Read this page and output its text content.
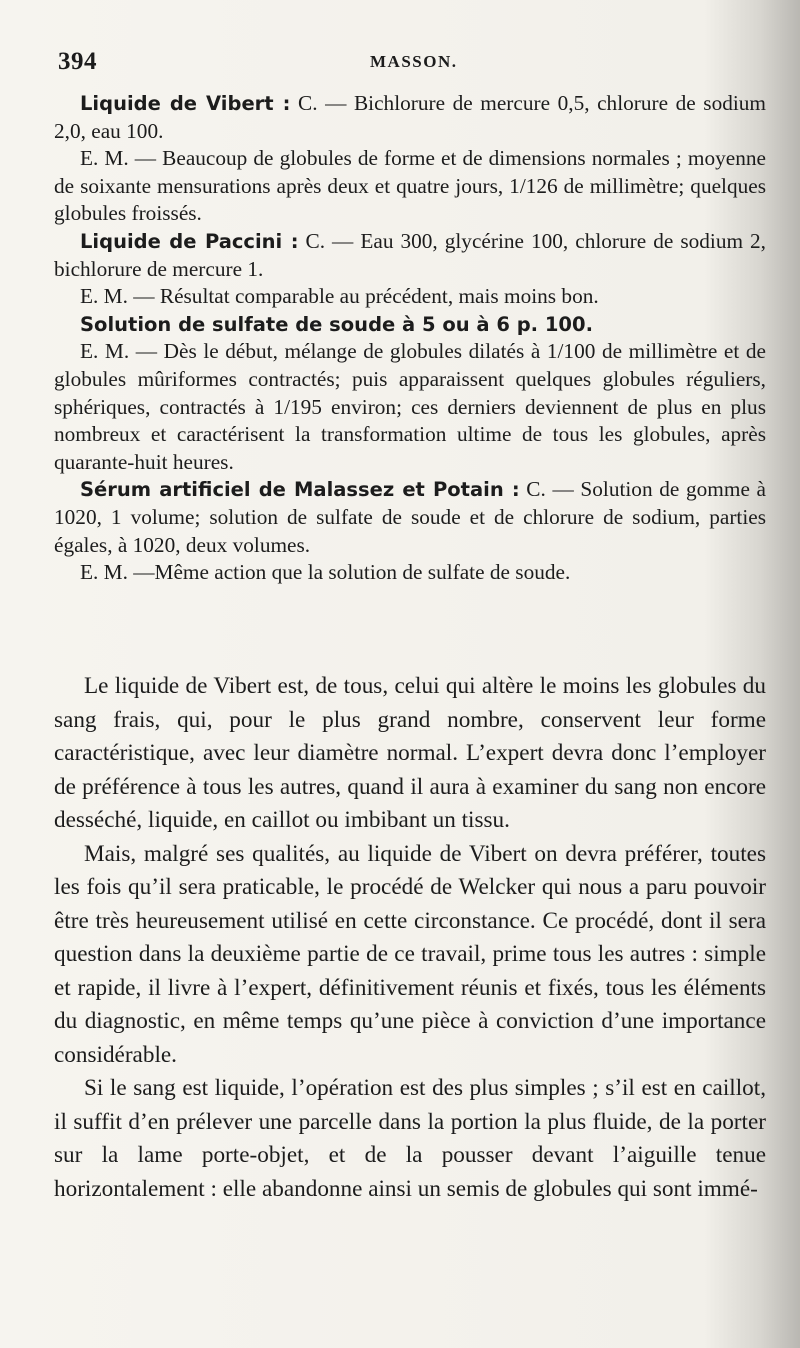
394	MASSON.

Liquide de Vibert : C. — Bichlorure de mercure 0,5, chlorure de sodium 2,0, eau 100.

E. M. — Beaucoup de globules de forme et de dimensions normales ; moyenne de soixante mensurations après deux et quatre jours, 1/126 de millimètre; quelques globules froissés.

Liquide de Paccini : C. — Eau 300, glycérine 100, chlorure de sodium 2, bichlorure de mercure 1.

E. M. — Résultat comparable au précédent, mais moins bon.

Solution de sulfate de soude à 5 ou à 6 p. 100.

E. M. — Dès le début, mélange de globules dilatés à 1/100 de millimètre et de globules mûriformes contractés; puis apparaissent quelques globules réguliers, sphériques, contractés à 1/195 environ; ces derniers deviennent de plus en plus nombreux et caractérisent la transformation ultime de tous les globules, après quarante-huit heures.

Sérum artificiel de Malassez et Potain : C. — Solution de gomme à 1020, 1 volume; solution de sulfate de soude et de chlorure de sodium, parties égales, à 1020, deux volumes.

E. M. —Même action que la solution de sulfate de soude.

Le liquide de Vibert est, de tous, celui qui altère le moins les globules du sang frais, qui, pour le plus grand nombre, conservent leur forme caractéristique, avec leur diamètre normal. L’expert devra donc l’employer de préférence à tous les autres, quand il aura à examiner du sang non encore desséché, liquide, en caillot ou imbibant un tissu.

Mais, malgré ses qualités, au liquide de Vibert on devra préférer, toutes les fois qu’il sera praticable, le procédé de Welcker qui nous a paru pouvoir être très heureusement utilisé en cette circonstance. Ce procédé, dont il sera question dans la deuxième partie de ce travail, prime tous les autres : simple et rapide, il livre à l’expert, définitivement réunis et fixés, tous les éléments du diagnostic, en même temps qu’une pièce à conviction d’une importance considérable.

Si le sang est liquide, l’opération est des plus simples ; s’il est en caillot, il suffit d’en prélever une parcelle dans la portion la plus fluide, de la porter sur la lame porte-objet, et de la pousser devant l’aiguille tenue horizontalement : elle abandonne ainsi un semis de globules qui sont immé-
